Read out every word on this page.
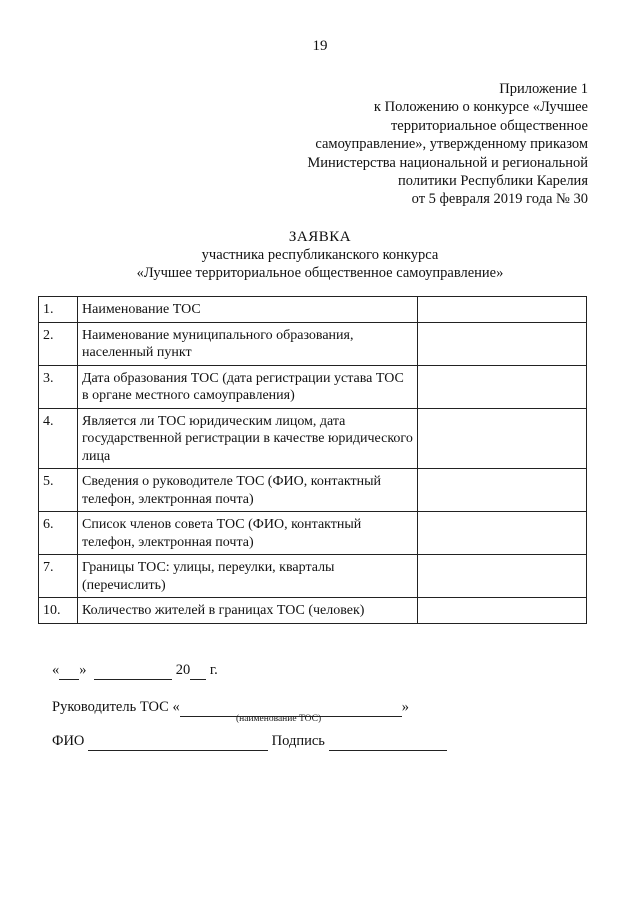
19
Приложение 1
к Положению о конкурсе «Лучшее
территориальное общественное
самоуправление», утвержденному приказом
Министерства национальной и региональной
политики Республики Карелия
от 5 февраля 2019 года № 30
ЗАЯВКА
участника республиканского конкурса
«Лучшее территориальное общественное самоуправление»
1.	Наименование ТОС	
2.	Наименование муниципального образования, населенный пункт	
3.	Дата образования ТОС (дата регистрации устава ТОС в органе местного самоуправления)	
4.	Является ли ТОС юридическим лицом, дата государственной регистрации в качестве юридического лица	
5.	Сведения о руководителе ТОС (ФИО, контактный телефон, электронная почта)	
6.	Список членов совета ТОС (ФИО, контактный телефон, электронная почта)	
7.	Границы ТОС: улицы, переулки, кварталы (перечислить)	
10.	Количество жителей в границах ТОС (человек)	
« »	20 г.
Руководитель ТОС «	»
(наименование ТОС)
ФИО	Подпись
